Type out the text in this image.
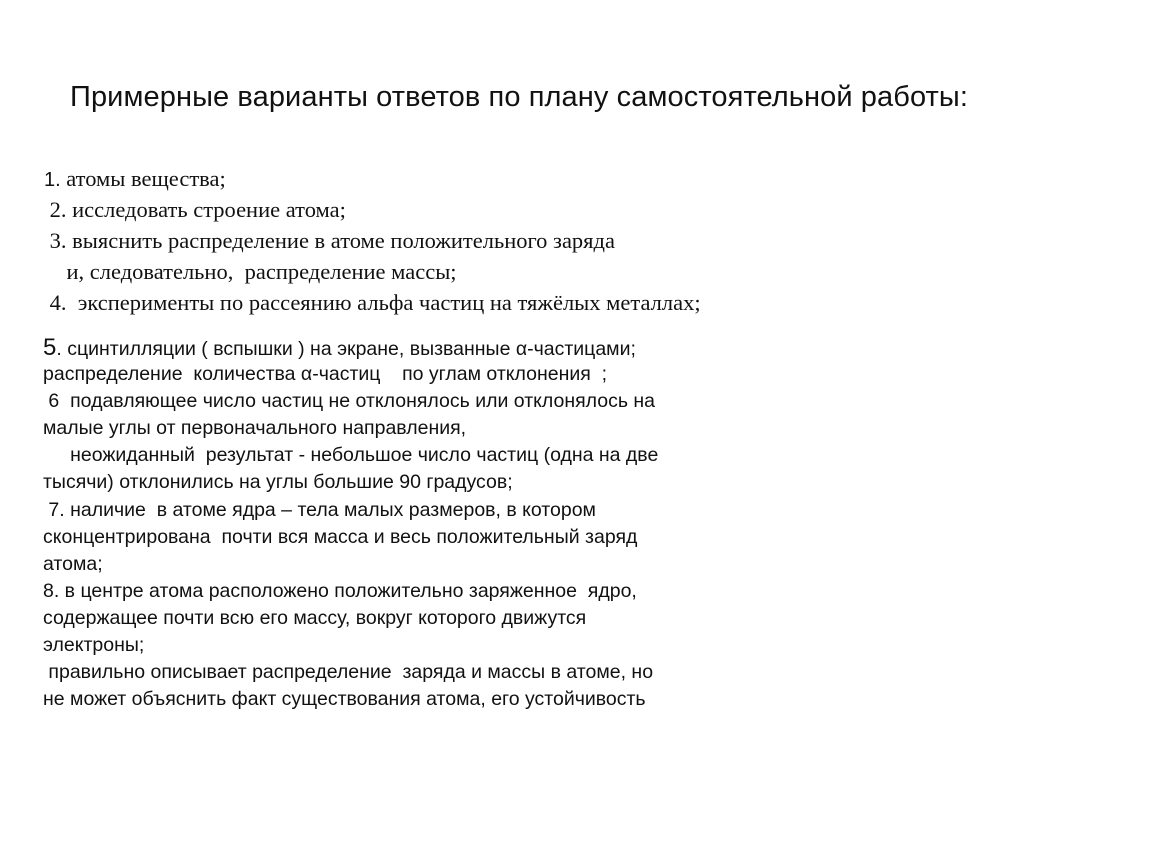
Примерные варианты ответов по плану самостоятельной работы:
1. атомы вещества;
2. исследовать строение атома;
3. выяснить распределение в атоме положительного заряда
и, следовательно,  распределение массы;
4.  эксперименты по рассеянию альфа частиц на тяжёлых металлах;
5. сцинтилляции ( вспышки ) на экране, вызванные α-частицами;
распределение  количества α-частиц    по углам отклонения  ;
6  подавляющее число частиц не отклонялось или отклонялось на
малые углы от первоначального направления,
неожиданный  результат - небольшое число частиц (одна на две
тысячи) отклонились на углы большие 90 градусов;
7. наличие  в атоме ядра – тела малых размеров, в котором
сконцентрирована  почти вся масса и весь положительный заряд
атома;
8. в центре атома расположено положительно заряженное  ядро,
содержащее почти всю его массу, вокруг которого движутся
электроны;
правильно описывает распределение  заряда и массы в атоме, но
не может объяснить факт существования атома, его устойчивость
